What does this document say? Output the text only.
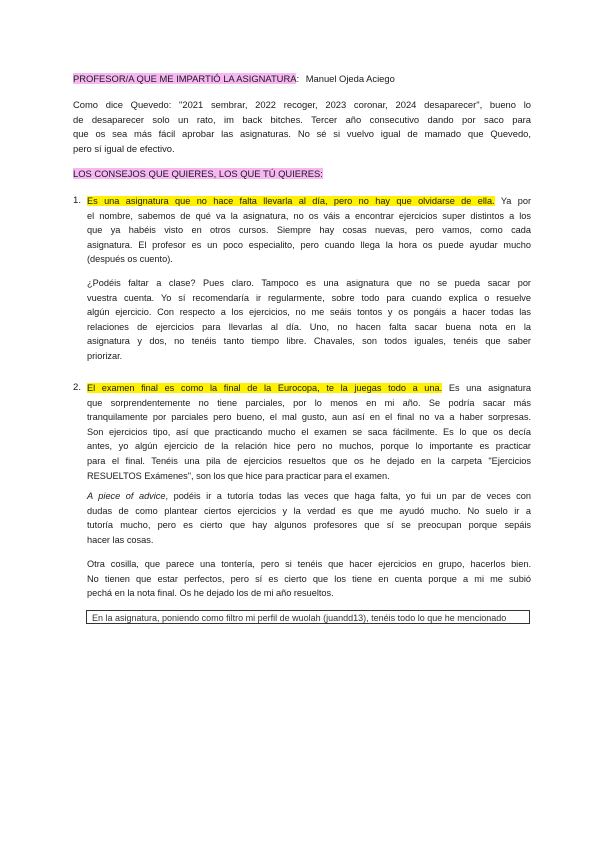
PROFESOR/A QUE ME IMPARTIÓ LA ASIGNATURA: Manuel Ojeda Aciego
Como dice Quevedo: "2021 sembrar, 2022 recoger, 2023 coronar, 2024 desaparecer", bueno lo
de desaparecer solo un rato, im back bitches. Tercer año consecutivo dando por saco para
que os sea más fácil aprobar las asignaturas. No sé si vuelvo igual de mamado que Quevedo,
pero sí igual de efectivo.
LOS CONSEJOS QUE QUIERES, LOS QUE TÚ QUIERES:
1. Es una asignatura que no hace falta llevarla al día, pero no hay que olvidarse de ella. Ya por
el nombre, sabemos de qué va la asignatura, no os váis a encontrar ejercicios super distintos a los
que ya habéis visto en otros cursos. Siempre hay cosas nuevas, pero vamos, como cada
asignatura. El profesor es un poco especialito, pero cuando llega la hora os puede ayudar mucho
(después os cuento).
¿Podéis faltar a clase? Pues claro. Tampoco es una asignatura que no se pueda sacar por
vuestra cuenta. Yo sí recomendaría ir regularmente, sobre todo para cuando explica o resuelve
algún ejercicio. Con respecto a los ejercicios, no me seáis tontos y os pongáis a hacer todas las
relaciones de ejercicios para llevarlas al día. Uno, no hacen falta sacar buena nota en la
asignatura y dos, no tenéis tanto tiempo libre. Chavales, son todos iguales, tenéis que saber
priorizar.
2. El examen final es como la final de la Eurocopa, te la juegas todo a una. Es una asignatura
que sorprendentemente no tiene parciales, por lo menos en mi año. Se podría sacar más
tranquilamente por parciales pero bueno, el mal gusto, aun así en el final no va a haber sorpresas.
Son ejercicios tipo, así que practicando mucho el examen se saca fácilmente. Es lo que os decía
antes, yo algún ejercicio de la relación hice pero no muchos, porque lo importante es practicar
para el final. Tenéis una pila de ejercicios resueltos que os he dejado en la carpeta "Ejercicios
RESUELTOS Exámenes", son los que hice para practicar para el examen.
A piece of advice, podéis ir a tutoría todas las veces que haga falta, yo fui un par de veces con
dudas de como plantear ciertos ejercicios y la verdad es que me ayudó mucho. No suelo ir a
tutoría mucho, pero es cierto que hay algunos profesores que sí se preocupan porque sepáis
hacer las cosas.
Otra cosilla, que parece una tontería, pero si tenéis que hacer ejercicios en grupo, hacerlos bien.
No tienen que estar perfectos, pero sí es cierto que los tiene en cuenta porque a mi me subió
pechá en la nota final. Os he dejado los de mi año resueltos.
En la asignatura, poniendo como filtro mi perfil de wuolah (juandd13), tenéis todo lo que he mencionado
